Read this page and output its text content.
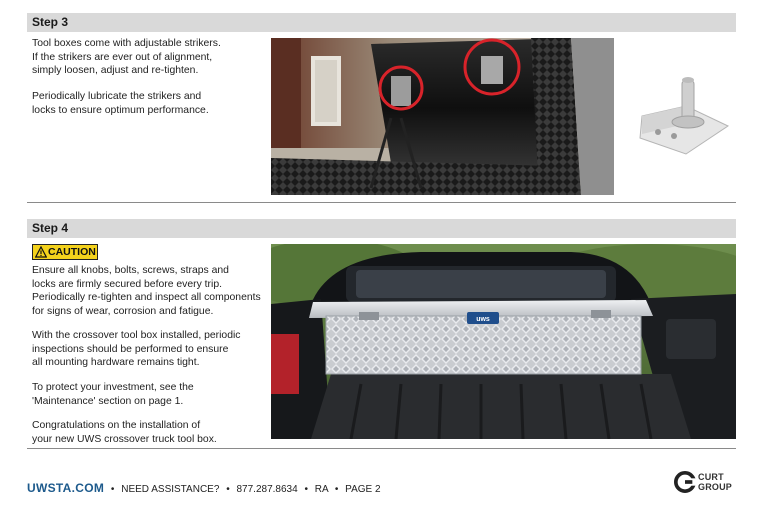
Step 3
Tool boxes come with adjustable strikers.
If the strikers are ever out of alignment,
simply loosen, adjust and re-tighten.
Periodically lubricate the strikers and
locks to ensure optimum performance.
Step 4
CAUTION
Ensure all knobs, bolts, screws, straps and
locks are firmly secured before every trip.
Periodically re-tighten and inspect all components
for signs of wear, corrosion and fatigue.
With the crossover tool box installed, periodic
inspections should be performed to ensure
all mounting hardware remains tight.
To protect your investment, see the
'Maintenance' section on page 1.
Congratulations on the installation of
your new UWS crossover truck tool box.
uws
UWSTA.COM • NEED ASSISTANCE? • 877.287.8634 • RA • PAGE 2
CURT
GROUP
